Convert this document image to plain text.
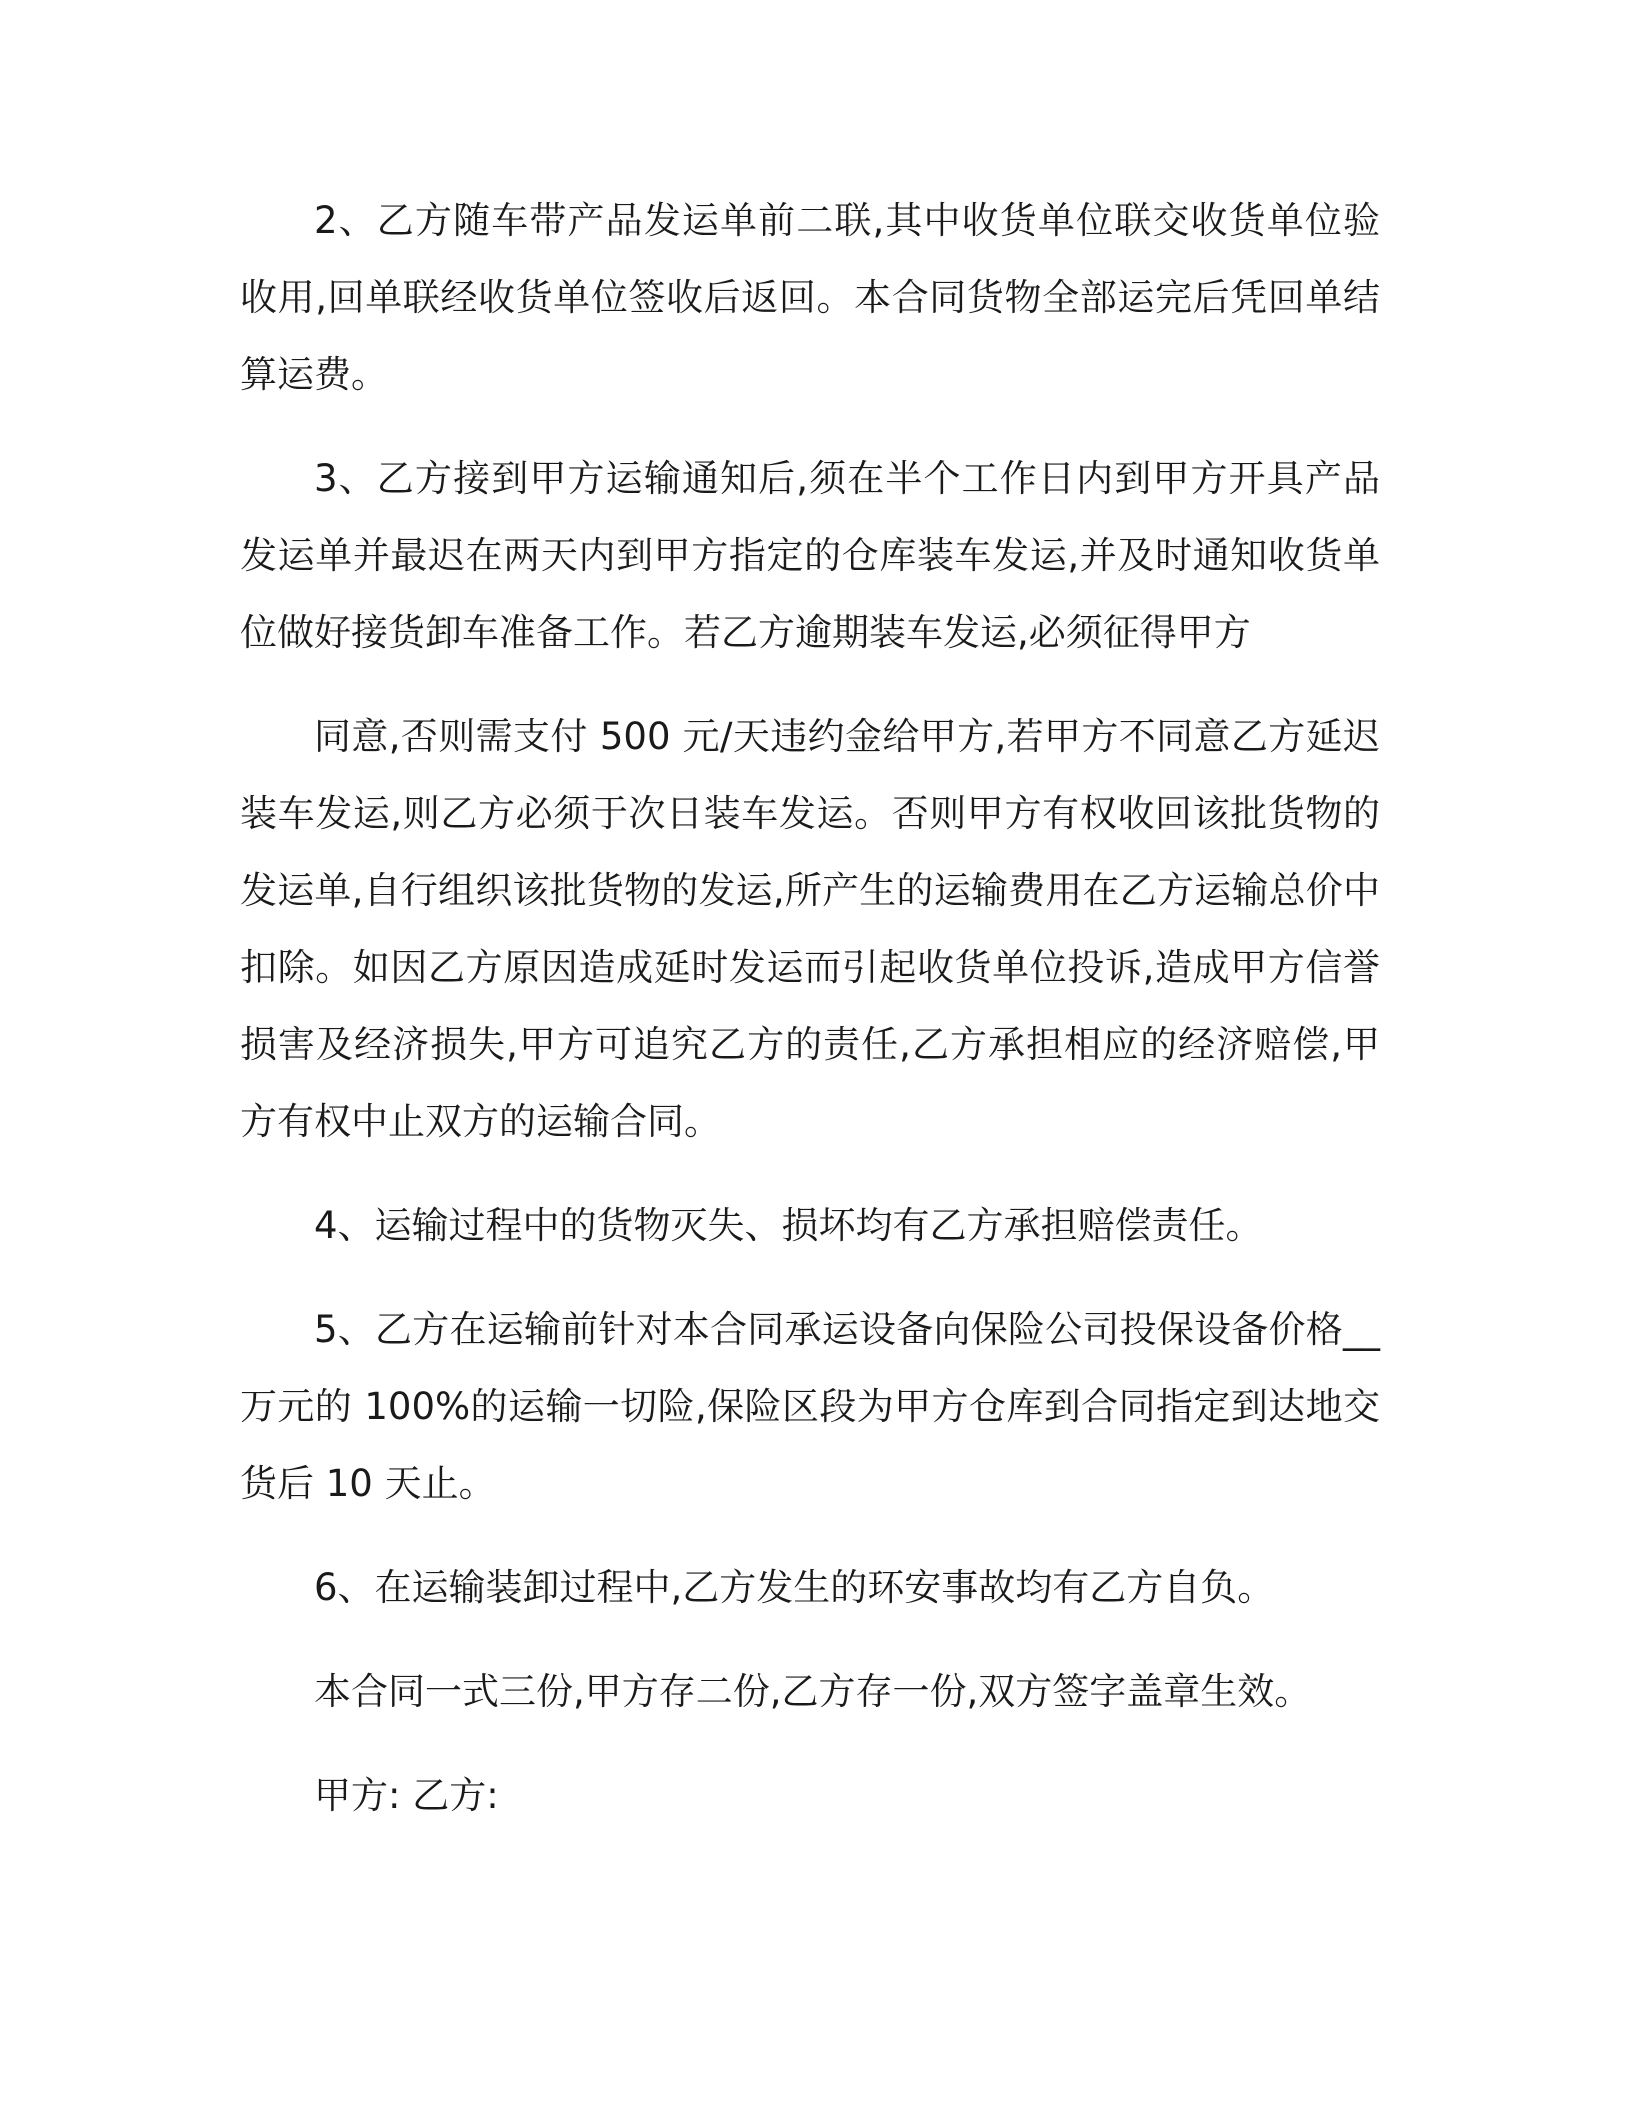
2、乙方随车带产品发运单前二联,其中收货单位联交收货单位验收用,回单联经收货单位签收后返回。本合同货物全部运完后凭回单结算运费。

3、乙方接到甲方运输通知后,须在半个工作日内到甲方开具产品发运单并最迟在两天内到甲方指定的仓库装车发运,并及时通知收货单位做好接货卸车准备工作。若乙方逾期装车发运,必须征得甲方

同意,否则需支付 500 元/天违约金给甲方,若甲方不同意乙方延迟装车发运,则乙方必须于次日装车发运。否则甲方有权收回该批货物的发运单,自行组织该批货物的发运,所产生的运输费用在乙方运输总价中扣除。如因乙方原因造成延时发运而引起收货单位投诉,造成甲方信誉损害及经济损失,甲方可追究乙方的责任,乙方承担相应的经济赔偿,甲方有权中止双方的运输合同。

4、运输过程中的货物灭失、损坏均有乙方承担赔偿责任。

5、乙方在运输前针对本合同承运设备向保险公司投保设备价格__万元的 100%的运输一切险,保险区段为甲方仓库到合同指定到达地交货后 10 天止。

6、在运输装卸过程中,乙方发生的环安事故均有乙方自负。

本合同一式三份,甲方存二份,乙方存一份,双方签字盖章生效。

甲方: 乙方:
